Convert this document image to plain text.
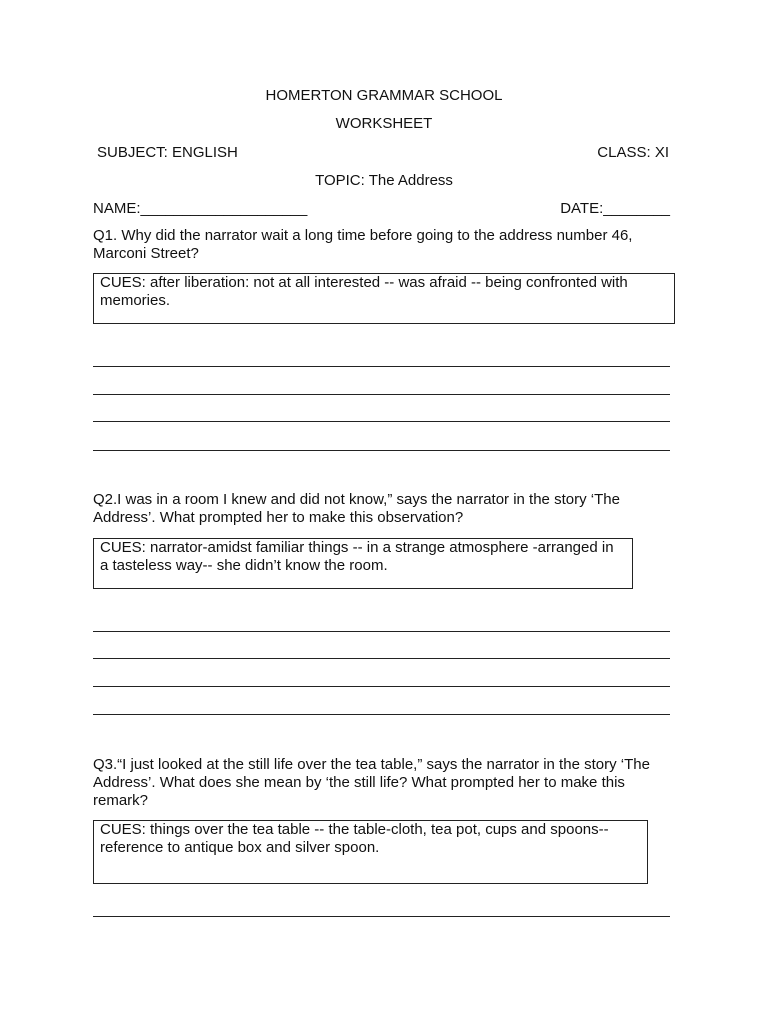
HOMERTON GRAMMAR SCHOOL
WORKSHEET
SUBJECT: ENGLISH	CLASS: XI
TOPIC: The Address
NAME:____________________	DATE:________
Q1. Why did the narrator wait a long time before going to the address number 46, Marconi Street?
CUES: after liberation: not at all interested -- was afraid -- being confronted with memories.
Q2.I was in a room I knew and did not know,” says the narrator in the story ‘The Address’. What prompted her to make this observation?
CUES: narrator-amidst familiar things -- in a strange atmosphere -arranged in a tasteless way-- she didn’t know the room.
Q3.“I just looked at the still life over the tea table,” says the narrator in the story ‘The Address’. What does she mean by ‘the still life? What prompted her to make this remark?
CUES: things over the tea table -- the table-cloth, tea pot, cups and spoons-- reference to antique box and silver spoon.
